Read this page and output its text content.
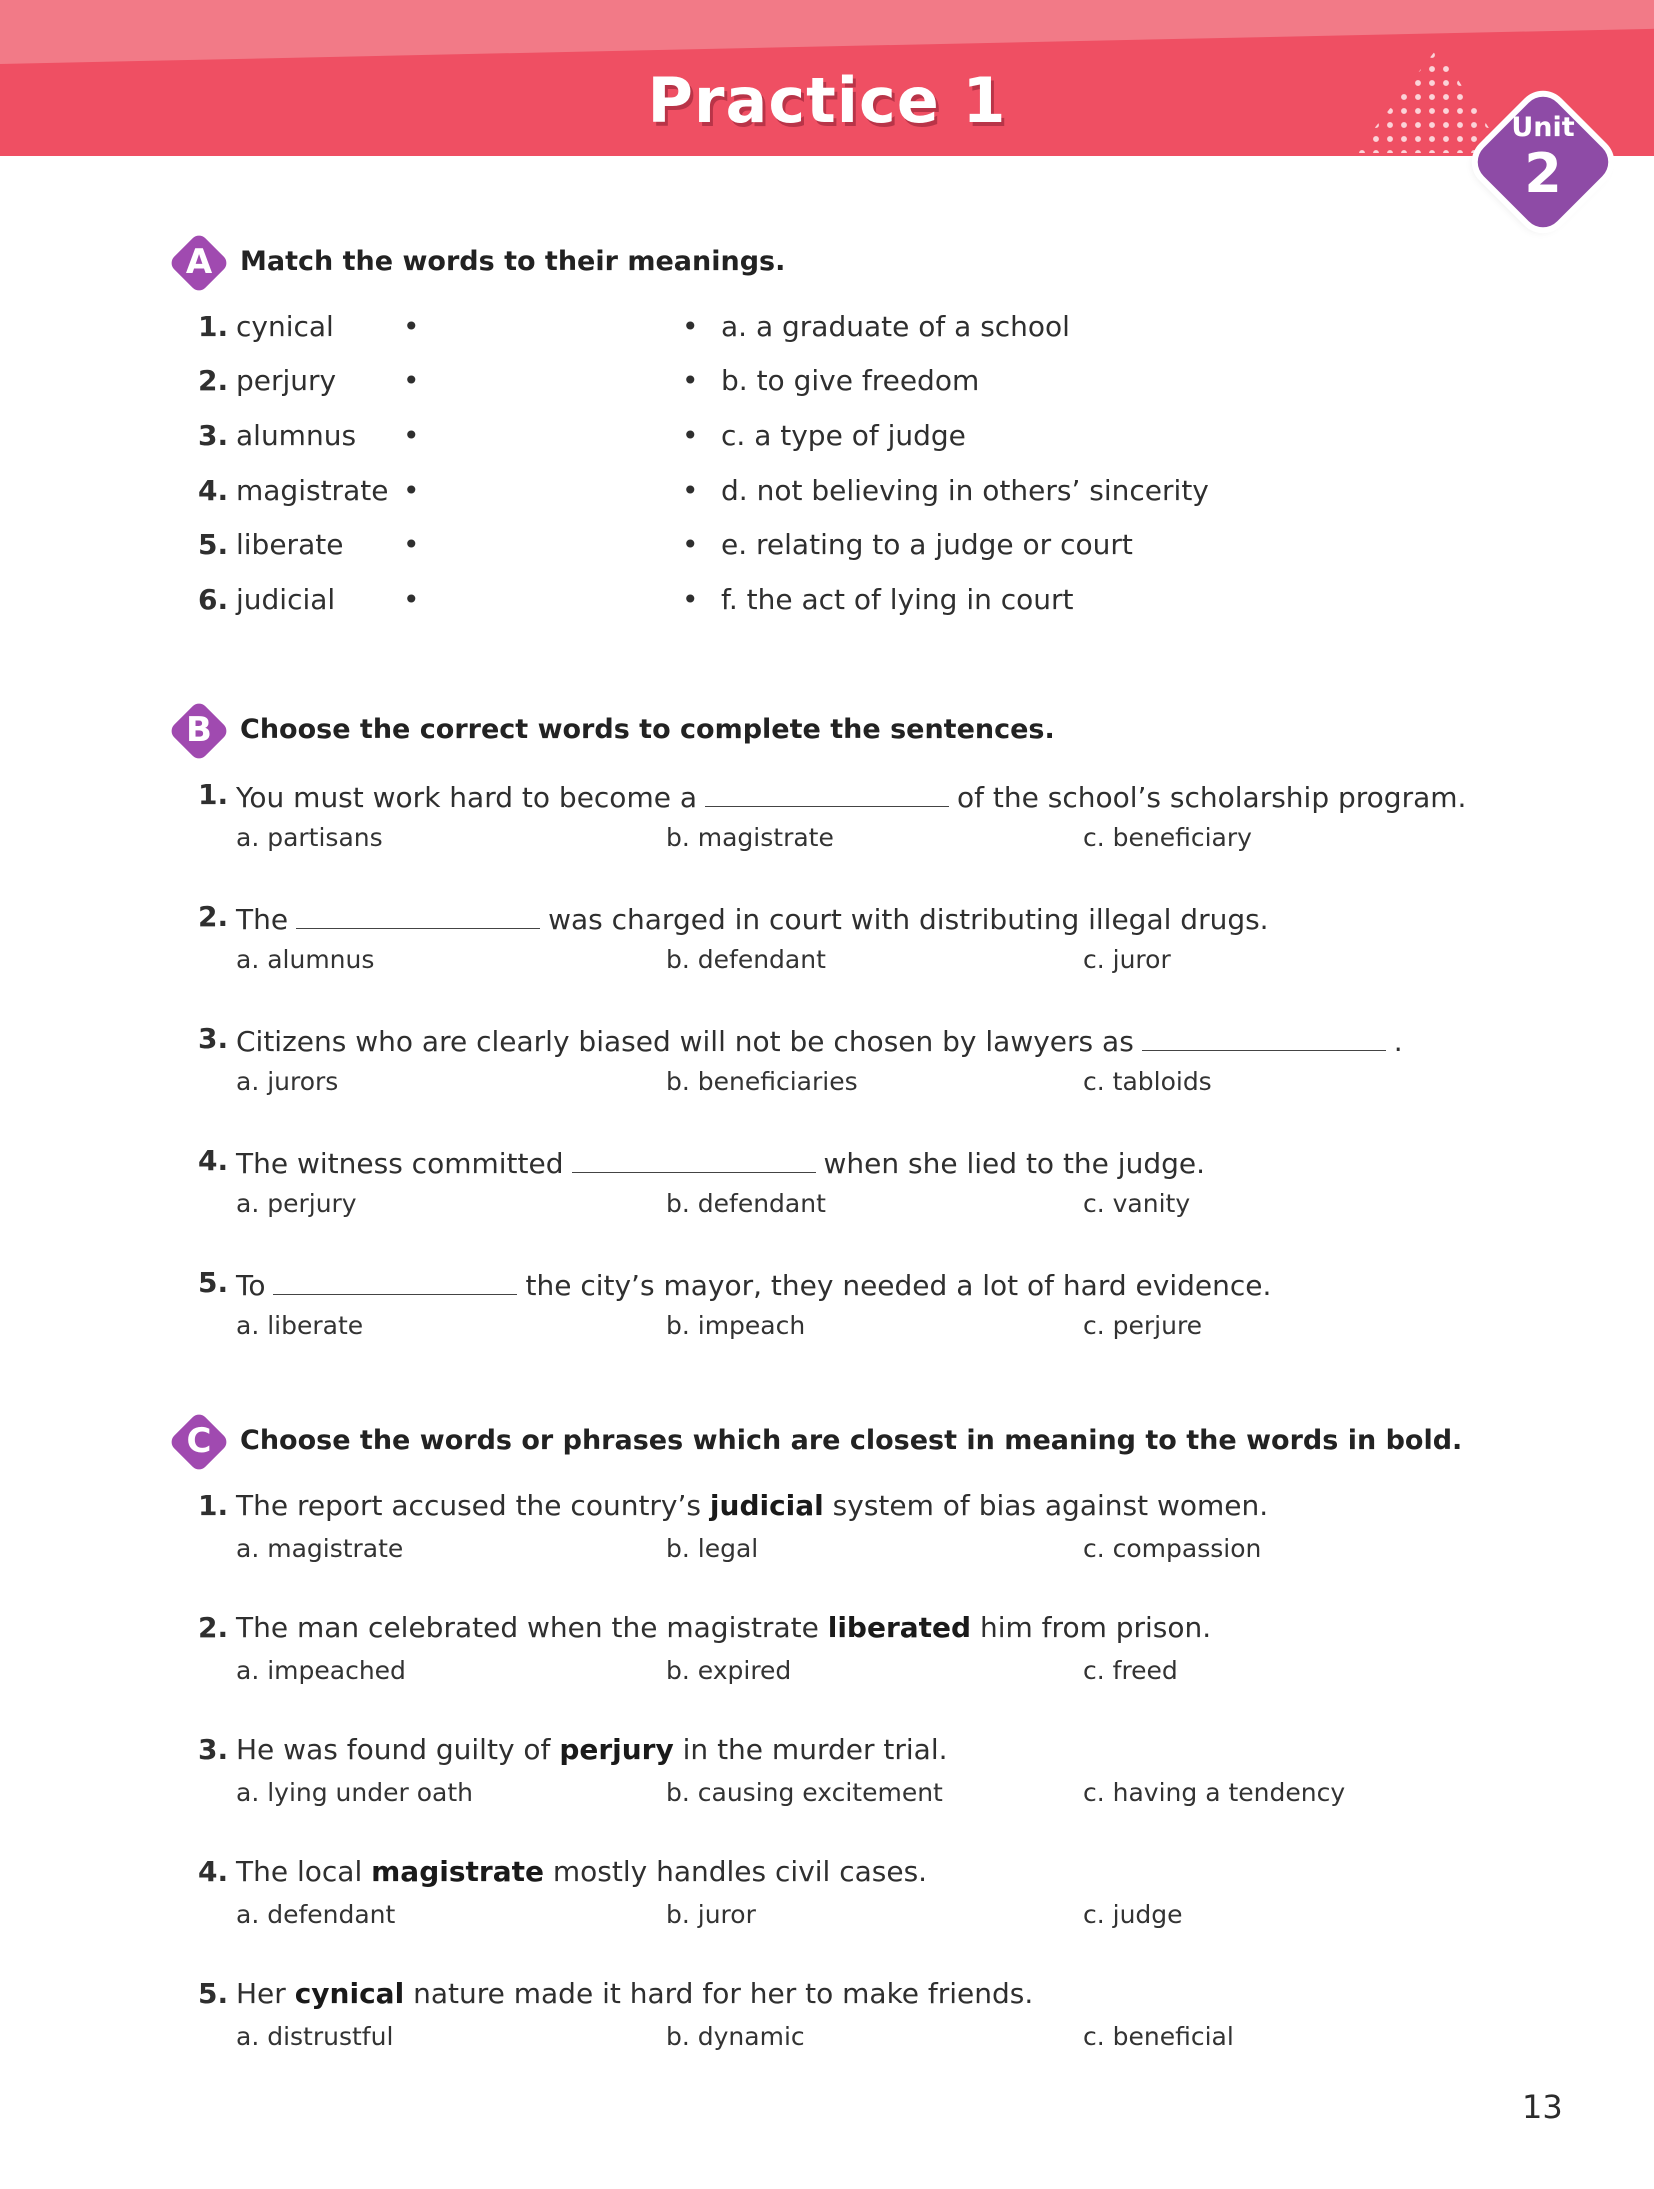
Practice 1	Unit
2
A	Match the words to their meanings.
1. cynical •	• a. a graduate of a school
2. perjury •	• b. to give freedom
3. alumnus •	• c. a type of judge
4. magistrate •	• d. not believing in others’ sincerity
5. liberate •	• e. relating to a judge or court
6. judicial •	• f. the act of lying in court
B	Choose the correct words to complete the sentences.
1. You must work hard to become a	of the school’s scholarship program.
a. partisans	b. magistrate	c. beneficiary
2. The	was charged in court with distributing illegal drugs.
a. alumnus	b. defendant	c. juror
3. Citizens who are clearly biased will not be chosen by lawyers as	.
a. jurors	b. beneficiaries	c. tabloids
4. The witness committed	when she lied to the judge.
a. perjury	b. defendant	c. vanity
5. To	the city’s mayor, they needed a lot of hard evidence.
a. liberate	b. impeach	c. perjure
C	Choose the words or phrases which are closest in meaning to the words in bold.
1. The report accused the country’s judicial system of bias against women.
a. magistrate	b. legal	c. compassion
2. The man celebrated when the magistrate liberated him from prison.
a. impeached	b. expired	c. freed
3. He was found guilty of perjury in the murder trial.
a. lying under oath	b. causing excitement	c. having a tendency
4. The local magistrate mostly handles civil cases.
a. defendant	b. juror	c. judge
5. Her cynical nature made it hard for her to make friends.
a. distrustful	b. dynamic	c. beneficial
13
